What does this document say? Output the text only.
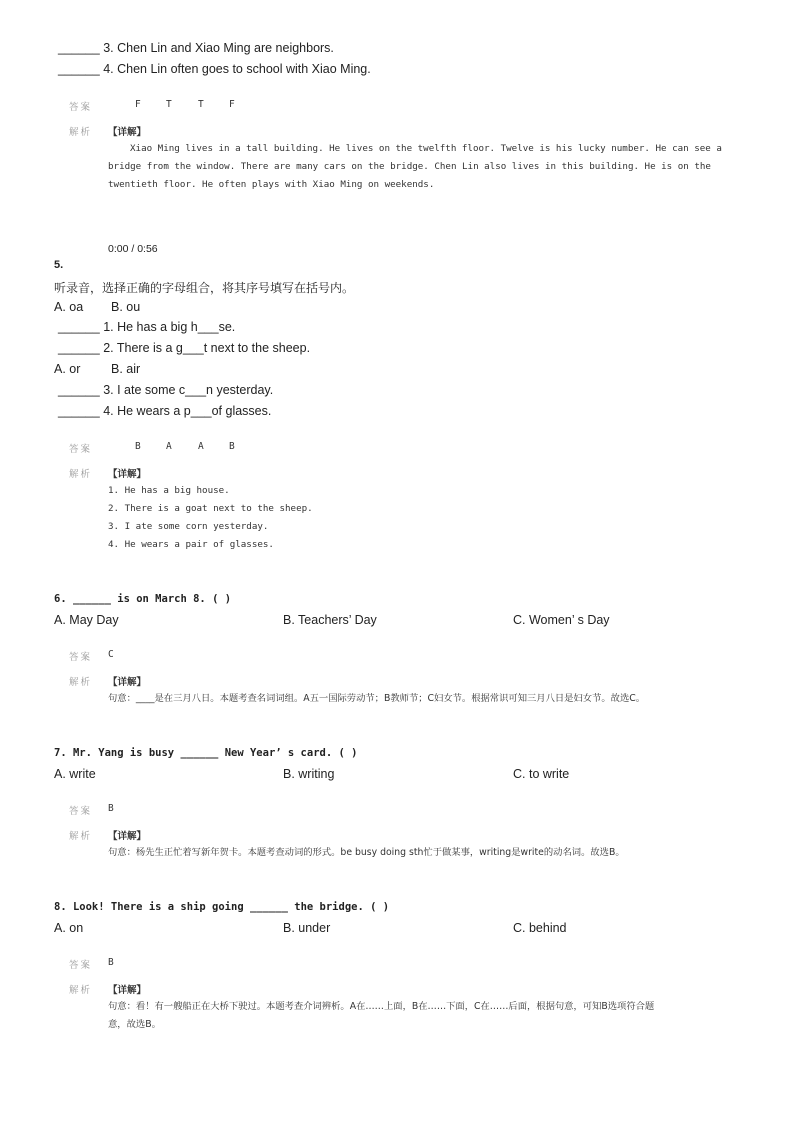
______ 3. Chen Lin and Xiao Ming are neighbors.
______ 4. Chen Lin often goes to school with Xiao Ming.
答案	F	T	T	F
解析 【详解】
Xiao Ming lives in a tall building. He lives on the twelfth floor. Twelve is his lucky number. He can see a
bridge from the window. There are many cars on the bridge. Chen Lin also lives in this building. He is on the
twentieth floor. He often plays with Xiao Ming on weekends.
0:00 / 0:56
5.
听录音，选择正确的字母组合，将其序号填写在括号内。
A. oa B. ou
______ 1. He has a big h___se.
______ 2. There is a g___t next to the sheep.
A. or B. air
______ 3. I ate some c___n yesterday.
______ 4. He wears a p___of glasses.
答案	B	A	A	B
解析 【详解】
1. He has a big house.
2. There is a goat next to the sheep.
3. I ate some corn yesterday.
4. He wears a pair of glasses.
6. ______ is on March 8. ( )
A. May Day	B. Teachers’ Day	C. Women’ s Day
答案 C
解析 【详解】
句意：____是在三月八日。本题考查名词词组。A五一国际劳动节；B教师节；C妇女节。根据常识可知三月八日是妇女节。故选C。
7. Mr. Yang is busy ______ New Year’ s card. ( )
A. write	B. writing	C. to write
答案 B
解析 【详解】
句意：杨先生正忙着写新年贺卡。本题考查动词的形式。be busy doing sth忙于做某事，writing是write的动名词。故选B。
8. Look! There is a ship going ______ the bridge. ( )
A. on	B. under	C. behind
答案 B
解析 【详解】
句意：看！有一艘船正在大桥下驶过。本题考查介词辨析。A在……上面，B在……下面，C在……后面，根据句意，可知B选项符合题
意，故选B。
